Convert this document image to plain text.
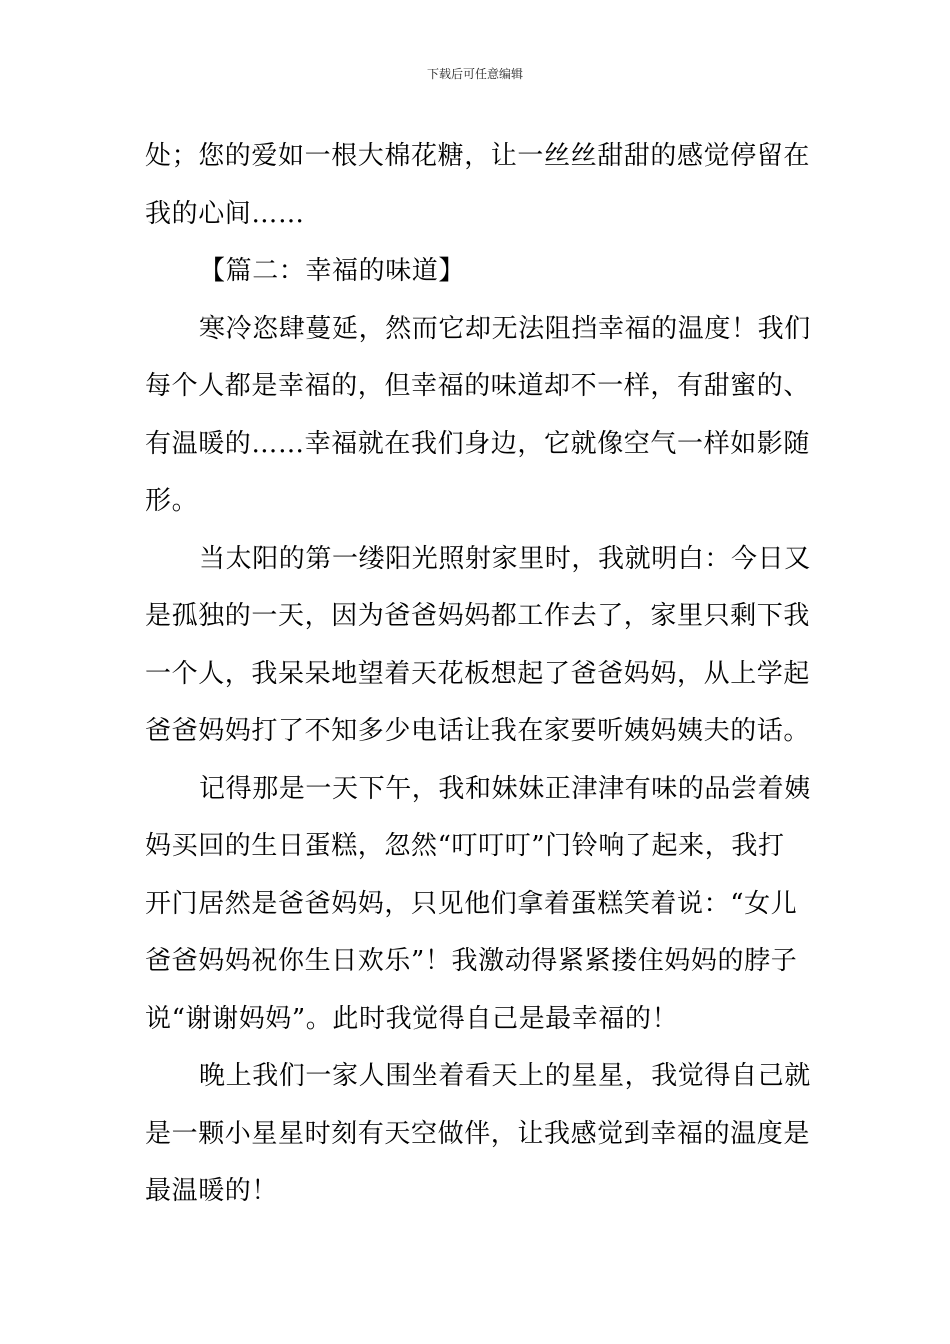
下载后可任意编辑
处；您的爱如一根大棉花糖，让一丝丝甜甜的感觉停留在
我的心间……
【篇二：幸福的味道】
寒冷恣肆蔓延，然而它却无法阻挡幸福的温度！我们
每个人都是幸福的，但幸福的味道却不一样，有甜蜜的、
有温暖的……幸福就在我们身边，它就像空气一样如影随
形。
当太阳的第一缕阳光照射家里时，我就明白：今日又
是孤独的一天，因为爸爸妈妈都工作去了，家里只剩下我
一个人，我呆呆地望着天花板想起了爸爸妈妈，从上学起
爸爸妈妈打了不知多少电话让我在家要听姨妈姨夫的话。
记得那是一天下午，我和妹妹正津津有味的品尝着姨
妈买回的生日蛋糕，忽然“叮叮叮”门铃响了起来，我打
开门居然是爸爸妈妈，只见他们拿着蛋糕笑着说：“女儿
爸爸妈妈祝你生日欢乐”！我激动得紧紧搂住妈妈的脖子
说“谢谢妈妈”。此时我觉得自己是最幸福的！
晚上我们一家人围坐着看天上的星星，我觉得自己就
是一颗小星星时刻有天空做伴，让我感觉到幸福的温度是
最温暖的！
